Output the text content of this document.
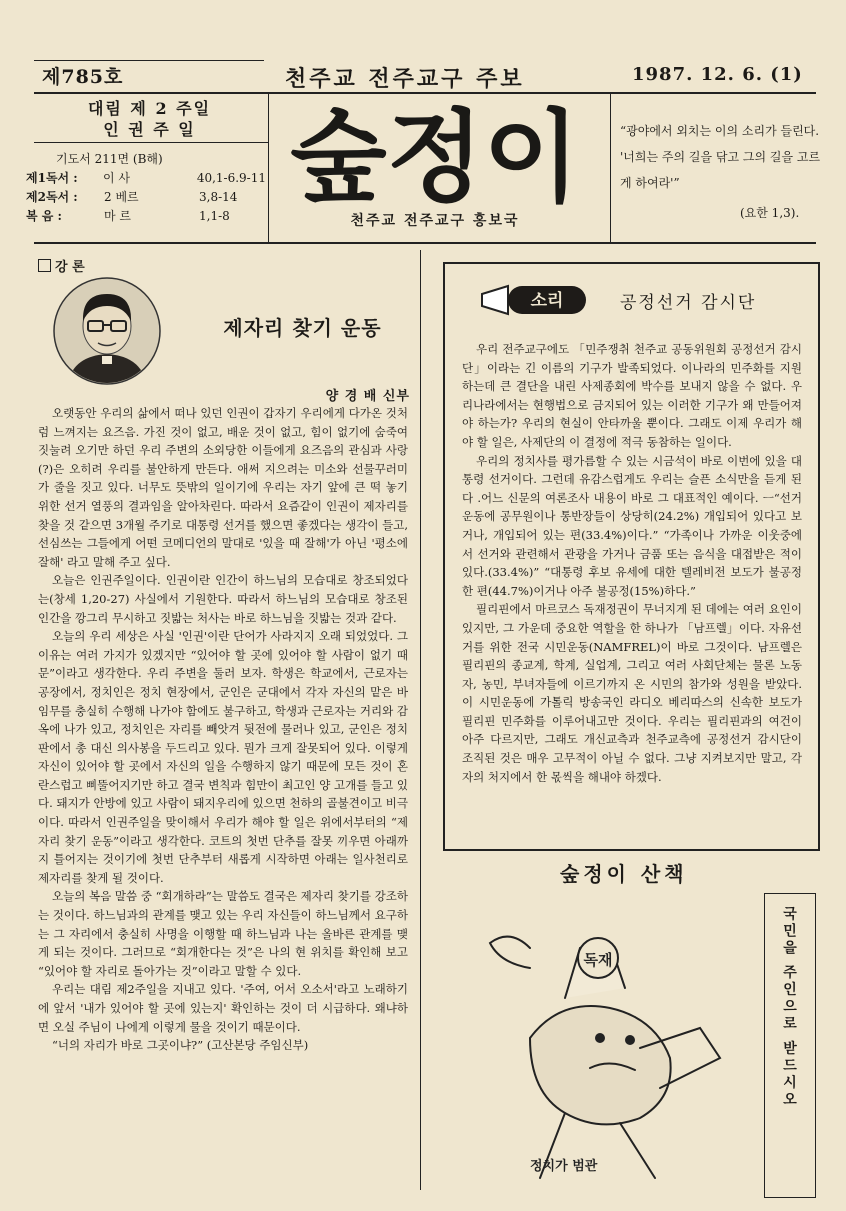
제785호	천주교 전주교구 주보	1987. 12. 6. (1)
대림 제 2 주일
인 권 주 일
기도서 211면 (B해)
제1독서 :	이 사	40,1-6.9-11
제2독서 :	2 베르	3,8-14
복 음 :	마 르	1,1-8 숲정이
천주교 전주교구 홍보국
“광야에서 외치는 이의 소리가 들린다. '너희는 주의 길을 닦고 그의 길을 고르게 하여라'”
(요한 1,3).
강 론
제자리 찾기 운동
양 경 배 신부

오랫동안 우리의 삶에서 떠나 있던 인권이 갑자기 우리에게 다가온 것처럼 느껴지는 요즈음. 가진 것이 없고, 배운 것이 없고, 힘이 없기에 숨죽여 짓눌려 오기만 하던 우리 주변의 소외당한 이들에게 요즈음의 관심과 사랑(?)은 오히려 우리를 불안하게 만든다. 애써 지으려는 미소와 선물꾸러미가 줄을 짓고 있다. 너무도 뜻밖의 일이기에 우리는 자기 앞에 큰 떡 놓기 위한 선거 열풍의 결과임을 알아차린다. 따라서 요즘같이 인권이 제자리를 찾을 것 같으면 3개월 주기로 대통령 선거를 했으면 좋겠다는 생각이 들고, 선심쓰는 그들에게 어떤 코메디언의 말대로 '있을 때 잘해'가 아닌 '평소에 잘해' 라고 말해 주고 싶다.

오늘은 인권주일이다. 인권이란 인간이 하느님의 모습대로 창조되었다는(창세 1,20-27) 사실에서 기원한다. 따라서 하느님의 모습대로 창조된 인간을 깡그리 무시하고 짓밟는 처사는 바로 하느님을 짓밟는 것과 같다.

오늘의 우리 세상은 사실 '인권'이란 단어가 사라지지 오래 되었었다. 그 이유는 여러 가지가 있겠지만 “있어야 할 곳에 있어야 할 사람이 없기 때문”이라고 생각한다. 우리 주변을 둘러 보자. 학생은 학교에서, 근로자는 공장에서, 정치인은 정치 현장에서, 군인은 군대에서 각자 자신의 맡은 바 임무를 충실히 수행해 나가야 함에도 불구하고, 학생과 근로자는 거리와 감옥에 나가 있고, 정치인은 자리를 빼앗겨 뒷전에 물러나 있고, 군인은 정치판에서 총 대신 의사봉을 두드리고 있다. 뭔가 크게 잘못되어 있다. 이렇게 자신이 있어야 할 곳에서 자신의 일을 수행하지 않기 때문에 모든 것이 혼란스럽고 삐뚤어지기만 하고 결국 변칙과 힘만이 최고인 양 고개를 들고 있다. 돼지가 안방에 있고 사람이 돼지우리에 있으면 천하의 골불견이고 비극이다. 따라서 인권주일을 맞이해서 우리가 해야 할 일은 위에서부터의 “제자리 찾기 운동”이라고 생각한다. 코트의 첫번 단추를 잘못 끼우면 아래까지 틀어지는 것이기에 첫번 단추부터 새롭게 시작하면 아래는 일사천리로 제자리를 찾게 될 것이다.

오늘의 복음 말씀 중 “회개하라”는 말씀도 결국은 제자리 찾기를 강조하는 것이다. 하느님과의 관계를 맺고 있는 우리 자신들이 하느님께서 요구하는 그 자리에서 충실히 사명을 이행할 때 하느님과 나는 올바른 관계를 맺게 되는 것이다. 그러므로 “회개한다는 것”은 나의 현 위치를 확인해 보고 “있어야 할 자리로 돌아가는 것”이라고 말할 수 있다.

우리는 대림 제2주일을 지내고 있다. '주여, 어서 오소서'라고 노래하기에 앞서 '내가 있어야 할 곳에 있는지' 확인하는 것이 더 시급하다. 왜냐하면 오실 주님이 나에게 이렇게 물을 것이기 때문이다.

“너의 자리가 바로 그곳이냐?” (고산본당 주임신부)

소리	공정선거 감시단

우리 전주교구에도 「민주쟁취 천주교 공동위원회 공정선거 감시단」이라는 긴 이름의 기구가 발족되었다. 이나라의 민주화를 지원하는데 큰 결단을 내린 사제종회에 박수를 보내지 않을 수 없다. 우리나라에서는 현행법으로 금지되어 있는 이러한 기구가 왜 만들어져야 하는가? 우리의 현실이 안타까울 뿐이다. 그래도 이제 우리가 해야 할 일은, 사제단의 이 결정에 적극 동참하는 일이다.

우리의 정치사를 평가름할 수 있는 시금석이 바로 이번에 있을 대통령 선거이다. 그런데 유감스럽게도 우리는 슬픈 소식만을 듣게 된다 .어느 신문의 여론조사 내용이 바로 그 대표적인 예이다. ㅡ“선거운동에 공무원이나 통반장들이 상당히(24.2%) 개입되어 있다고 보거나, 개입되어 있는 편(33.4%)이다.” “가족이나 가까운 이웃중에서 선거와 관련해서 관광을 가거나 금품 또는 음식을 대접받은 적이 있다.(33.4%)” “대통령 후보 유세에 대한 텔레비전 보도가 불공정한 편(44.7%)이거나 아주 불공정(15%)하다.”

필리핀에서 마르코스 독재정권이 무너지게 된 데에는 여러 요인이 있지만, 그 가운데 중요한 역할을 한 하나가 「남프렐」이다. 자유선거를 위한 전국 시민운동(NAMFREL)이 바로 그것이다. 남프렐은 필리핀의 종교계, 학계, 실업계, 그리고 여러 사회단체는 물론 노동자, 농민, 부녀자들에 이르기까지 온 시민의 참가와 성원을 받았다. 이 시민운동에 가톨릭 방송국인 라디오 베리따스의 신속한 보도가 필리핀 민주화를 이루어내고만 것이다. 우리는 필리핀과의 여건이 아주 다르지만, 그래도 개신교측과 천주교측에 공정선거 감시단이 조직된 것은 매우 고무적이 아닐 수 없다. 그냥 지켜보지만 말고, 각자의 처지에서 한 몫씩을 해내야 하겠다.

숲정이 산책
독재
정치가 범관
국민을 주인으로 받드시오
